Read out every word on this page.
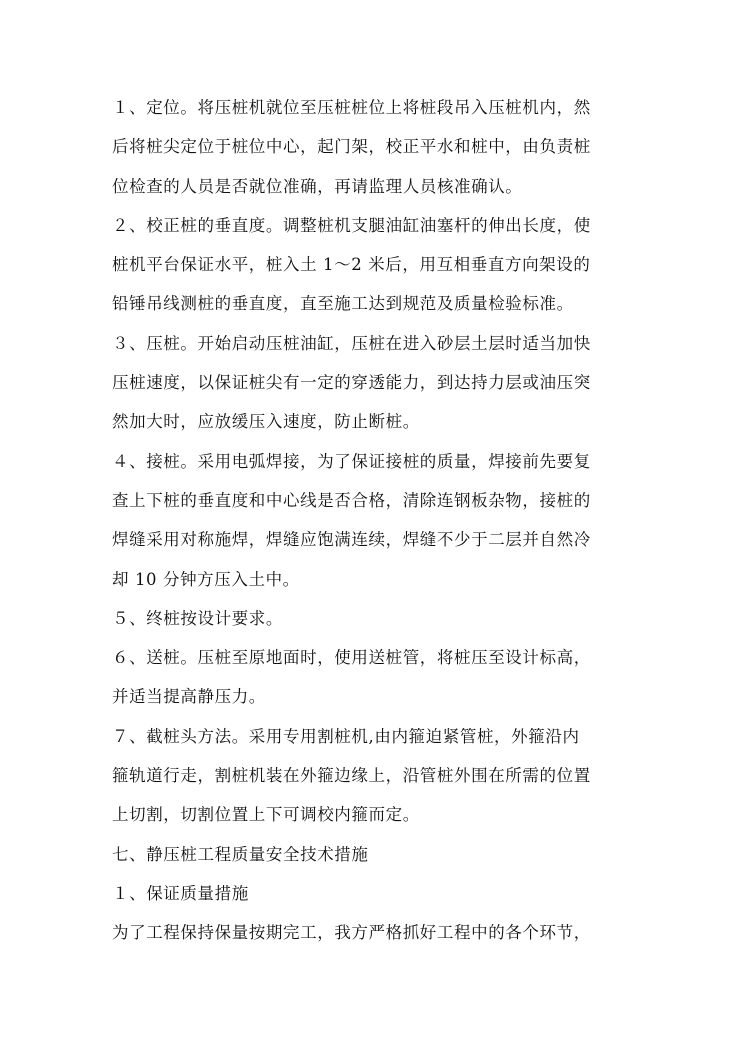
１、定位。将压桩机就位至压桩桩位上将桩段吊入压桩机内，然
后将桩尖定位于桩位中心，起门架，校正平水和桩中，由负责桩
位检查的人员是否就位准确，再请监理人员核准确认。
２、校正桩的垂直度。调整桩机支腿油缸油塞杆的伸出长度，使
桩机平台保证水平，桩入土 1～2 米后，用互相垂直方向架设的
铅锤吊线测桩的垂直度，直至施工达到规范及质量检验标准。
３、压桩。开始启动压桩油缸，压桩在进入砂层土层时适当加快
压桩速度，以保证桩尖有一定的穿透能力，到达持力层或油压突
然加大时，应放缓压入速度，防止断桩。
４、接桩。采用电弧焊接，为了保证接桩的质量，焊接前先要复
查上下桩的垂直度和中心线是否合格，清除连钢板杂物，接桩的
焊缝采用对称施焊，焊缝应饱满连续，焊缝不少于二层并自然冷
却 10 分钟方压入土中。
５、终桩按设计要求。
６、送桩。压桩至原地面时，使用送桩管，将桩压至设计标高，
并适当提高静压力。
７、截桩头方法。采用专用割桩机,由内箍迫紧管桩，外箍沿内
箍轨道行走，割桩机装在外箍边缘上，沿管桩外围在所需的位置
上切割，切割位置上下可调校内箍而定。
七、静压桩工程质量安全技术措施
１、保证质量措施
为了工程保持保量按期完工，我方严格抓好工程中的各个环节，
